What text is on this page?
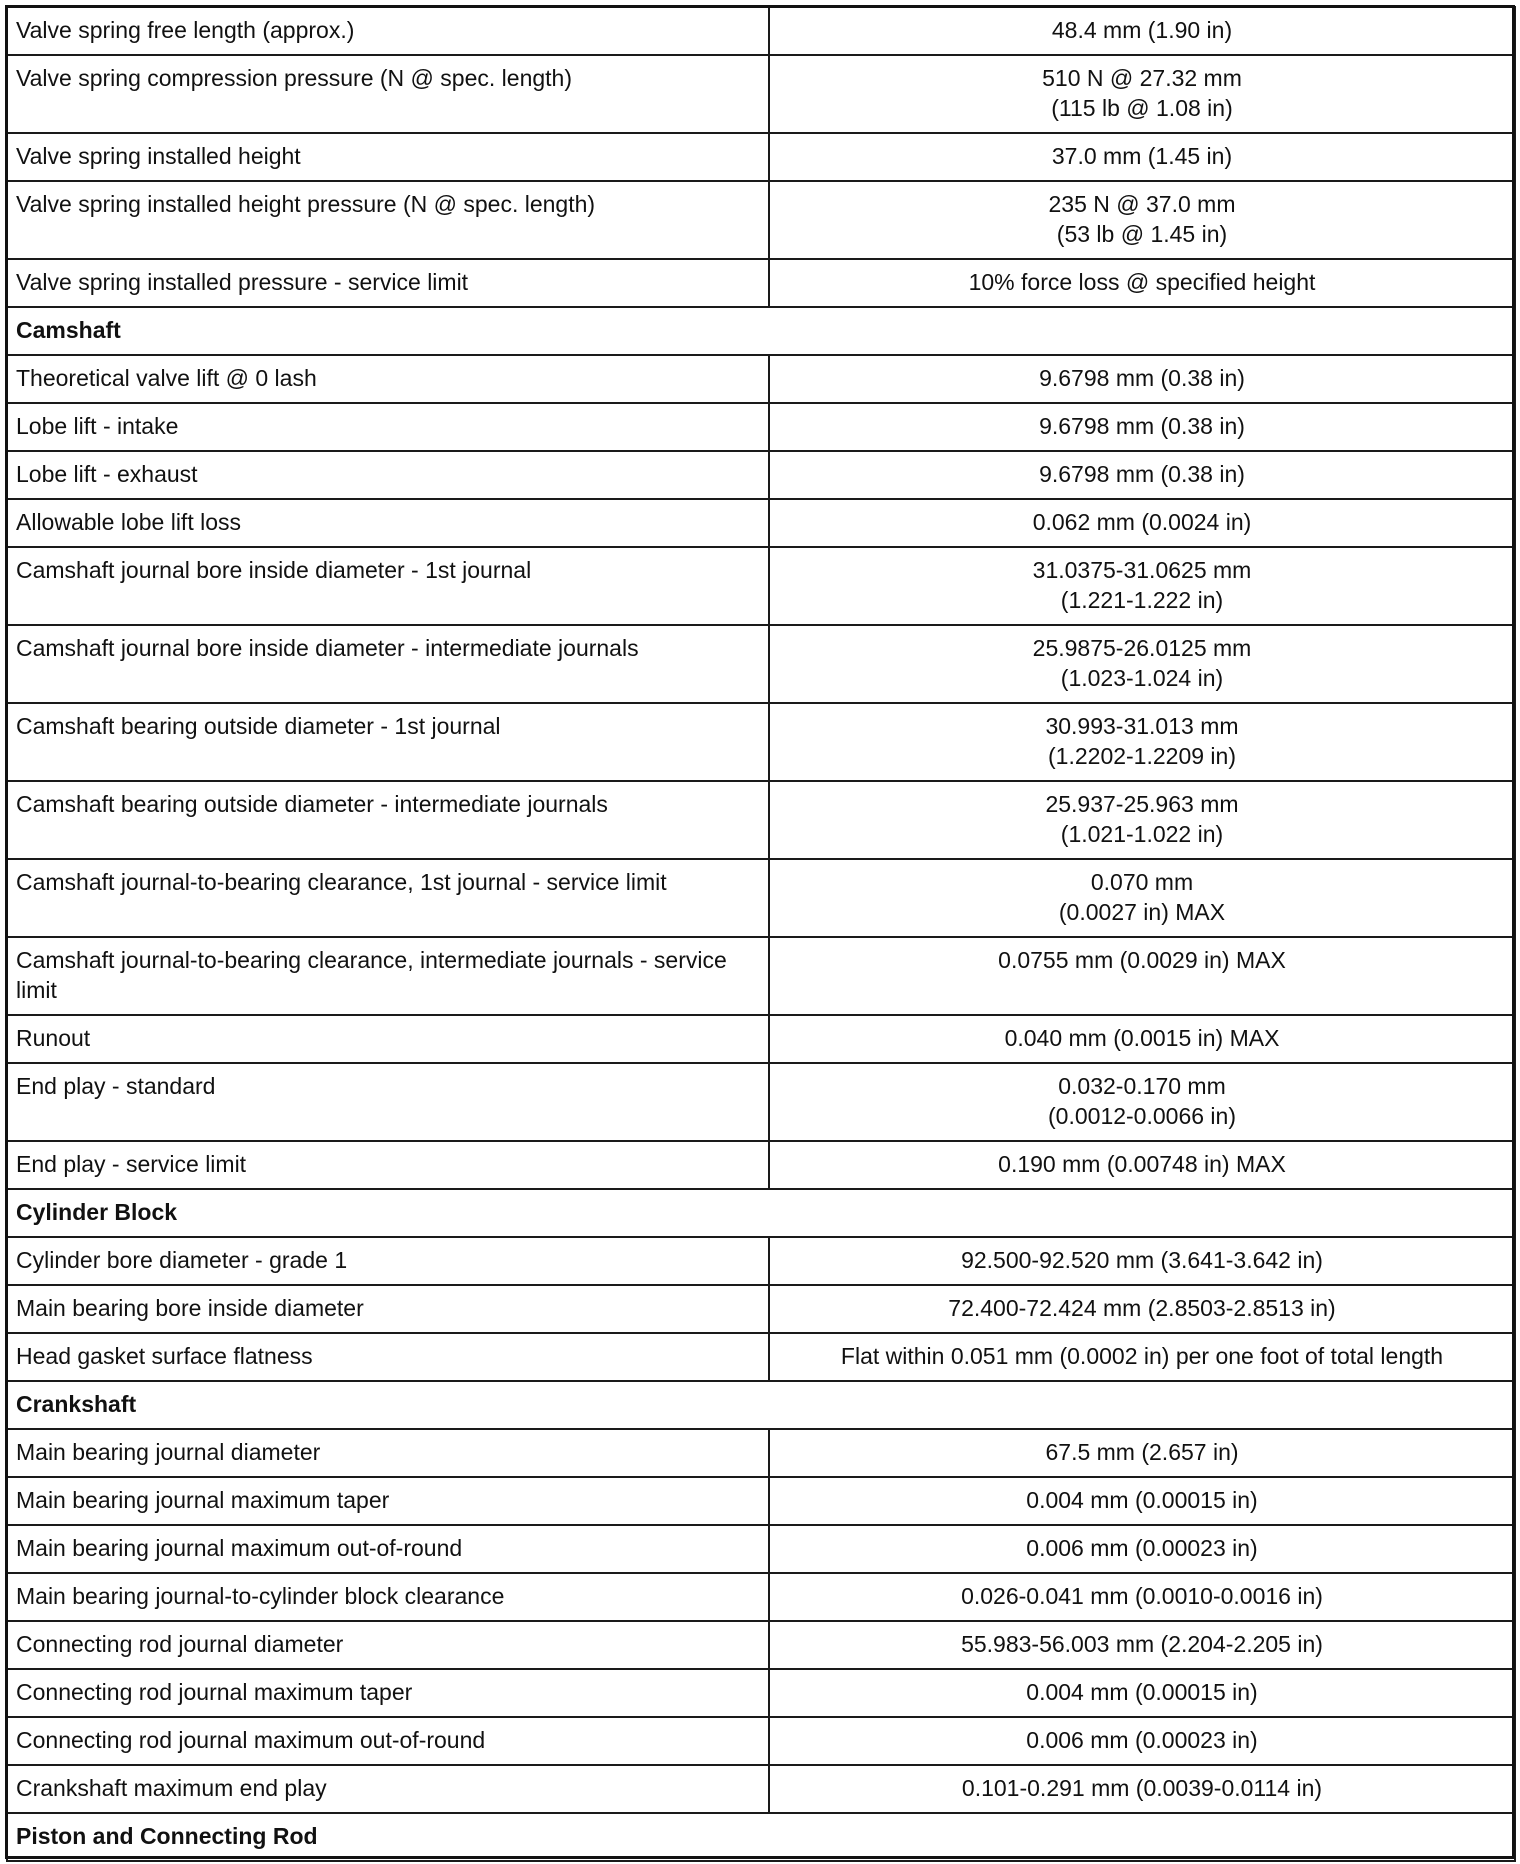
Valve spring free length (approx.)	48.4 mm (1.90 in)

Valve spring compression pressure (N @ spec. length)	510 N @ 27.32 mm
(115 lb @ 1.08 in)

Valve spring installed height	37.0 mm (1.45 in)

Valve spring installed height pressure (N @ spec. length)	235 N @ 37.0 mm
(53 lb @ 1.45 in)

Valve spring installed pressure - service limit	10% force loss @ specified height

Camshaft	
Theoretical valve lift @ 0 lash	9.6798 mm (0.38 in)

Lobe lift - intake	9.6798 mm (0.38 in)

Lobe lift - exhaust	9.6798 mm (0.38 in)

Allowable lobe lift loss	0.062 mm (0.0024 in)

Camshaft journal bore inside diameter - 1st journal	31.0375-31.0625 mm
(1.221-1.222 in)

Camshaft journal bore inside diameter - intermediate journals	25.9875-26.0125 mm
(1.023-1.024 in)

Camshaft bearing outside diameter - 1st journal	30.993-31.013 mm
(1.2202-1.2209 in)

Camshaft bearing outside diameter - intermediate journals	25.937-25.963 mm
(1.021-1.022 in)

Camshaft journal-to-bearing clearance, 1st journal - service limit	0.070 mm
(0.0027 in) MAX

Camshaft journal-to-bearing clearance, intermediate journals - service limit	0.0755 mm (0.0029 in) MAX

Runout	0.040 mm (0.0015 in) MAX

End play - standard	0.032-0.170 mm
(0.0012-0.0066 in)

End play - service limit	0.190 mm (0.00748 in) MAX

Cylinder Block	
Cylinder bore diameter - grade 1	92.500-92.520 mm (3.641-3.642 in)

Main bearing bore inside diameter	72.400-72.424 mm (2.8503-2.8513 in)

Head gasket surface flatness	Flat within 0.051 mm (0.0002 in) per one foot of total length

Crankshaft	
Main bearing journal diameter	67.5 mm (2.657 in)

Main bearing journal maximum taper	0.004 mm (0.00015 in)

Main bearing journal maximum out-of-round	0.006 mm (0.00023 in)

Main bearing journal-to-cylinder block clearance	0.026-0.041 mm (0.0010-0.0016 in)

Connecting rod journal diameter	55.983-56.003 mm (2.204-2.205 in)

Connecting rod journal maximum taper	0.004 mm (0.00015 in)

Connecting rod journal maximum out-of-round	0.006 mm (0.00023 in)

Crankshaft maximum end play	0.101-0.291 mm (0.0039-0.0114 in)

Piston and Connecting Rod	
